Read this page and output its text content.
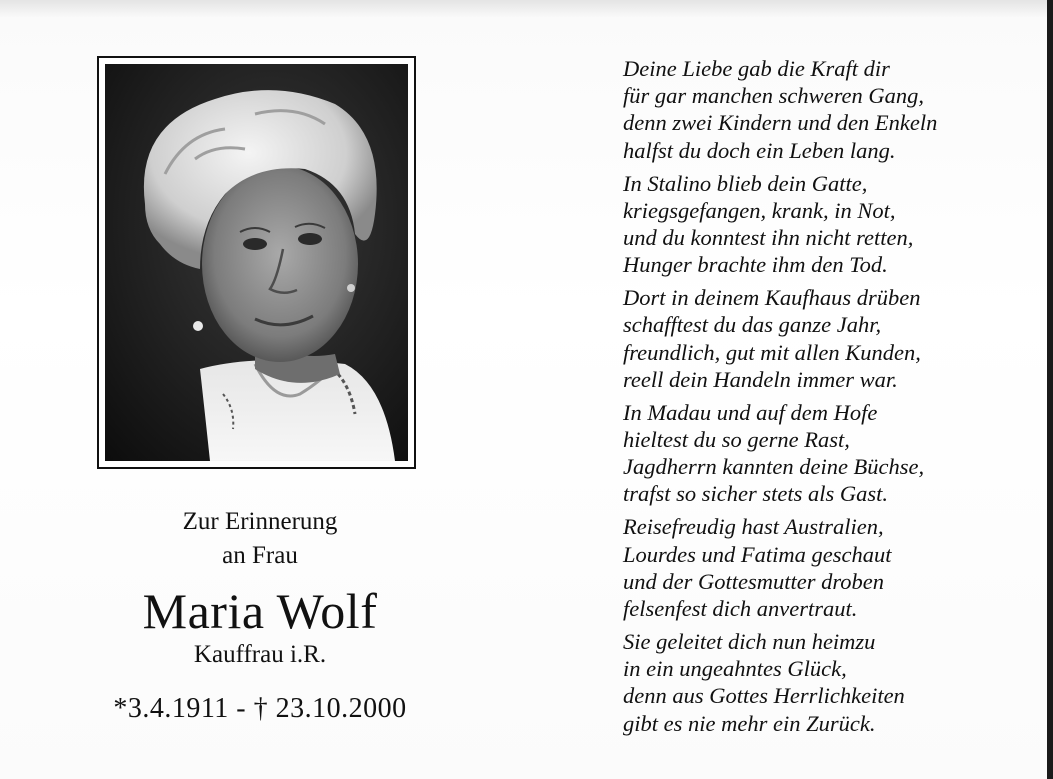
Zur Erinnerung

an Frau

Maria Wolf

Kauffrau i.R.

*3.4.1911 - † 23.10.2000

Deine Liebe gab die Kraft dir
für gar manchen schweren Gang,
denn zwei Kindern und den Enkeln
halfst du doch ein Leben lang.
In Stalino blieb dein Gatte,
kriegsgefangen, krank, in Not,
und du konntest ihn nicht retten,
Hunger brachte ihm den Tod.
Dort in deinem Kaufhaus drüben
schafftest du das ganze Jahr,
freundlich, gut mit allen Kunden,
reell dein Handeln immer war.
In Madau und auf dem Hofe
hieltest du so gerne Rast,
Jagdherrn kannten deine Büchse,
trafst so sicher stets als Gast.
Reisefreudig hast Australien,
Lourdes und Fatima geschaut
und der Gottesmutter droben
felsenfest dich anvertraut.
Sie geleitet dich nun heimzu
in ein ungeahntes Glück,
denn aus Gottes Herrlichkeiten
gibt es nie mehr ein Zurück.
